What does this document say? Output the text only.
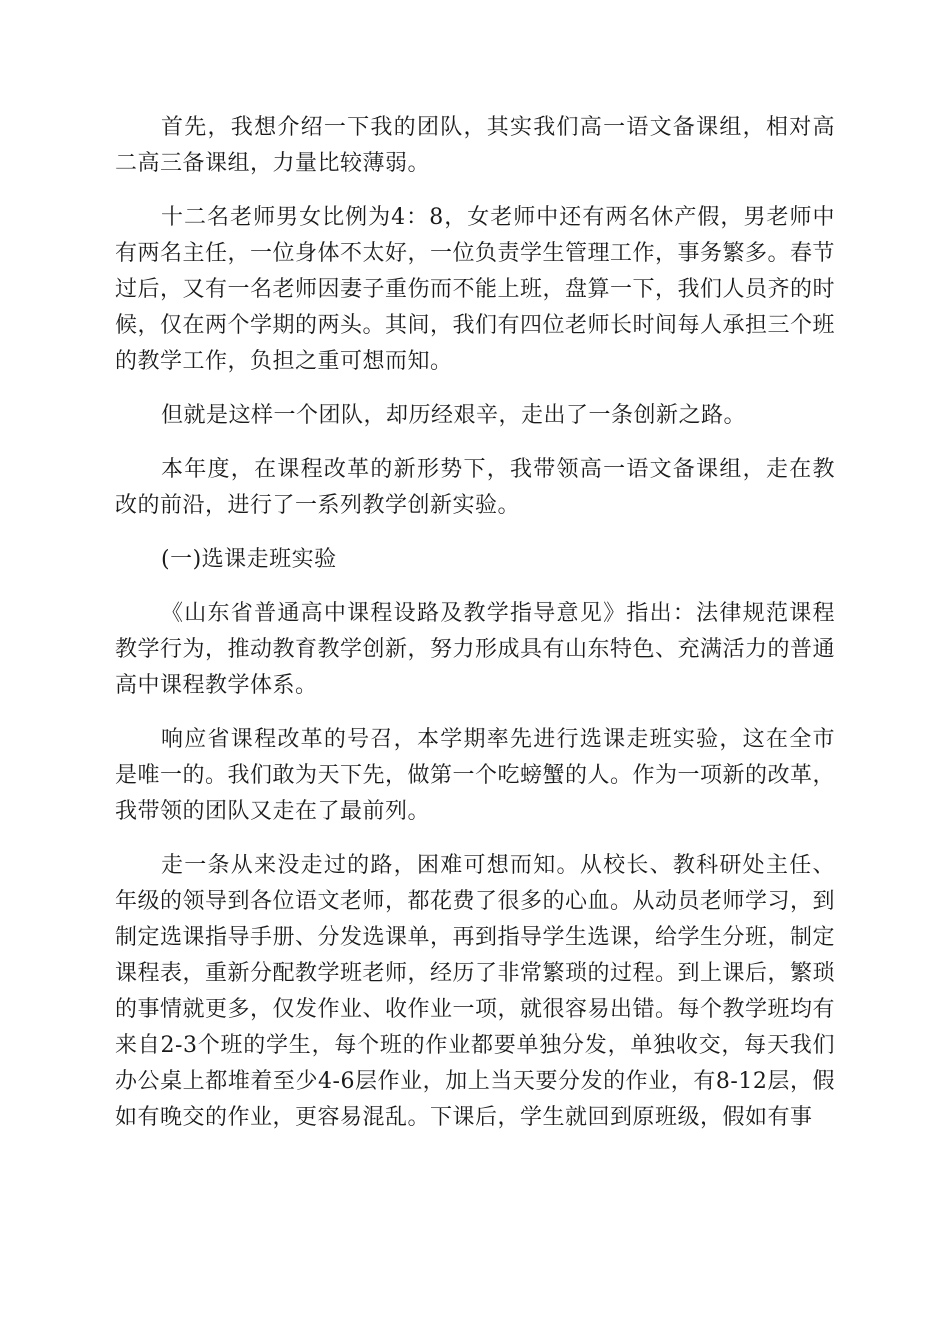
首先，我想介绍一下我的团队，其实我们高一语文备课组，相对高二高三备课组，力量比较薄弱。

十二名老师男女比例为4：8，女老师中还有两名休产假，男老师中有两名主任，一位身体不太好，一位负责学生管理工作，事务繁多。春节过后，又有一名老师因妻子重伤而不能上班，盘算一下，我们人员齐的时候，仅在两个学期的两头。其间，我们有四位老师长时间每人承担三个班的教学工作，负担之重可想而知。

但就是这样一个团队，却历经艰辛，走出了一条创新之路。

本年度，在课程改革的新形势下，我带领高一语文备课组，走在教改的前沿，进行了一系列教学创新实验。

(一)选课走班实验

《山东省普通高中课程设路及教学指导意见》指出：法律规范课程教学行为，推动教育教学创新，努力形成具有山东特色、充满活力的普通高中课程教学体系。

响应省课程改革的号召，本学期率先进行选课走班实验，这在全市是唯一的。我们敢为天下先，做第一个吃螃蟹的人。作为一项新的改革，我带领的团队又走在了最前列。

走一条从来没走过的路，困难可想而知。从校长、教科研处主任、年级的领导到各位语文老师，都花费了很多的心血。从动员老师学习，到制定选课指导手册、分发选课单，再到指导学生选课，给学生分班，制定课程表，重新分配教学班老师，经历了非常繁琐的过程。到上课后，繁琐的事情就更多，仅发作业、收作业一项，就很容易出错。每个教学班均有来自2-3个班的学生，每个班的作业都要单独分发，单独收交，每天我们办公桌上都堆着至少4-6层作业，加上当天要分发的作业，有8-12层，假如有晚交的作业，更容易混乱。下课后，学生就回到原班级，假如有事
